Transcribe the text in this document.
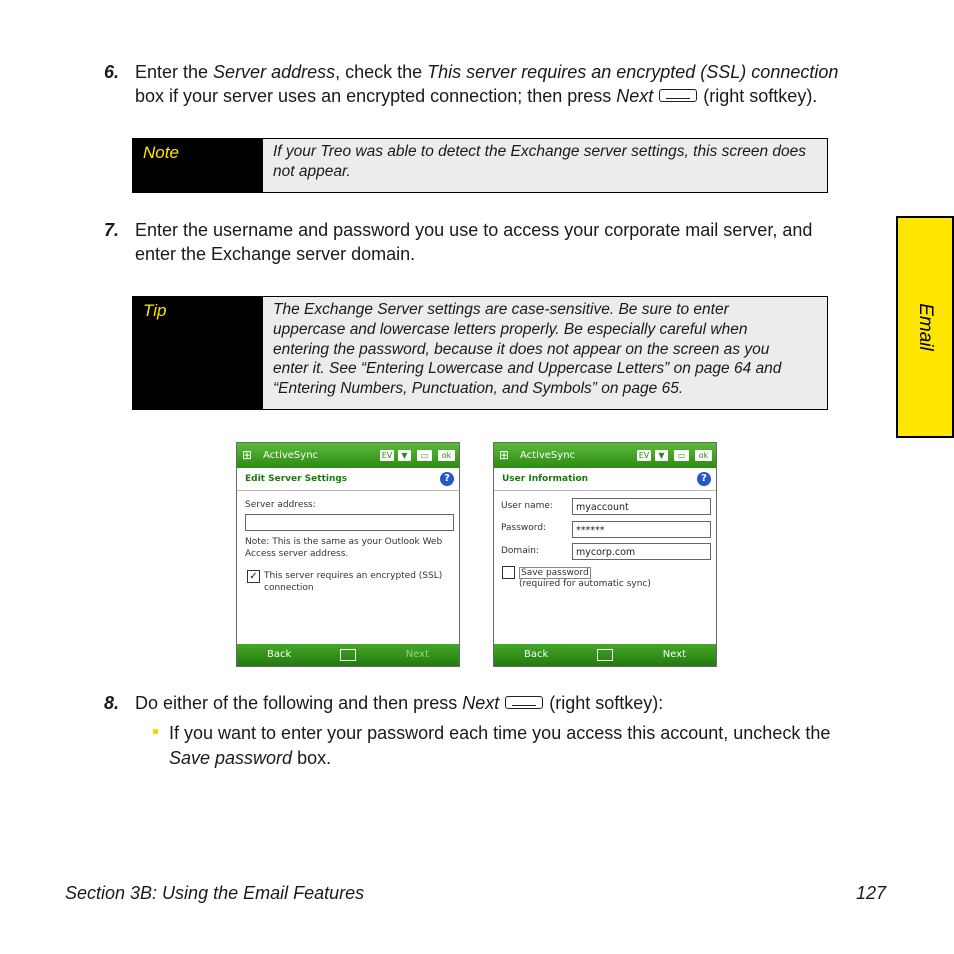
6. Enter the Server address, check the This server requires an encrypted (SSL) connection
box if your server uses an encrypted connection; then press Next	(right softkey).
Note	If your Treo was able to detect the Exchange server settings, this screen does not appear.
7. Enter the username and password you use to access your corporate mail server, and
enter the Exchange server domain.
Tip	The Exchange Server settings are case-sensitive. Be sure to enter
uppercase and lowercase letters properly. Be especially careful when
entering the password, because it does not appear on the screen as you
enter it. See “Entering Lowercase and Uppercase Letters” on page 64 and
“Entering Numbers, Punctuation, and Symbols” on page 65.
Email
⊞	ActiveSync	EV	▼	▭	ok
Edit Server Settings	?
Server address:
Note: This is the same as your Outlook Web
Access server address.
✓ This server requires an encrypted (SSL)
connection
Back	Next
⊞	ActiveSync	EV	▼	▭	ok
User Information	?
User name:	myaccount
Password:	******
Domain:	mycorp.com
Save password
(required for automatic sync)
Back	Next
8. Do either of the following and then press Next	(right softkey):
If you want to enter your password each time you access this account, uncheck the
Save password box.
Section 3B: Using the Email Features	127
